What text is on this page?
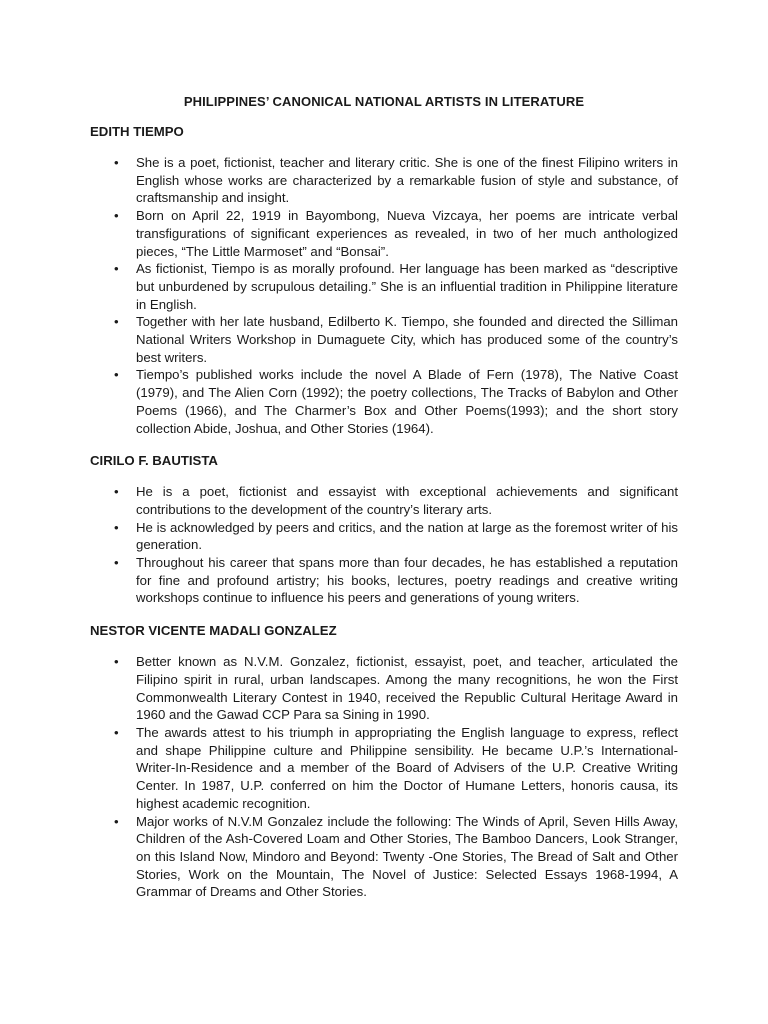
PHILIPPINES’ CANONICAL NATIONAL ARTISTS IN LITERATURE
EDITH TIEMPO
• She is a poet, fictionist, teacher and literary critic. She is one of the finest Filipino writers in English whose works are characterized by a remarkable fusion of style and substance, of craftsmanship and insight.
• Born on April 22, 1919 in Bayombong, Nueva Vizcaya, her poems are intricate verbal transfigurations of significant experiences as revealed, in two of her much anthologized pieces, “The Little Marmoset” and “Bonsai”.
• As fictionist, Tiempo is as morally profound. Her language has been marked as “descriptive but unburdened by scrupulous detailing.” She is an influential tradition in Philippine literature in English.
• Together with her late husband, Edilberto K. Tiempo, she founded and directed the Silliman National Writers Workshop in Dumaguete City, which has produced some of the country’s best writers.
• Tiempo’s published works include the novel A Blade of Fern (1978), The Native Coast (1979), and The Alien Corn (1992); the poetry collections, The Tracks of Babylon and Other Poems (1966), and The Charmer’s Box and Other Poems(1993); and the short story collection Abide, Joshua, and Other Stories (1964).
CIRILO F. BAUTISTA
• He is a poet, fictionist and essayist with exceptional achievements and significant contributions to the development of the country’s literary arts.
• He is acknowledged by peers and critics, and the nation at large as the foremost writer of his generation.
• Throughout his career that spans more than four decades, he has established a reputation for fine and profound artistry; his books, lectures, poetry readings and creative writing workshops continue to influence his peers and generations of young writers.
NESTOR VICENTE MADALI GONZALEZ
• Better known as N.V.M. Gonzalez, fictionist, essayist, poet, and teacher, articulated the Filipino spirit in rural, urban landscapes. Among the many recognitions, he won the First Commonwealth Literary Contest in 1940, received the Republic Cultural Heritage Award in 1960 and the Gawad CCP Para sa Sining in 1990.
• The awards attest to his triumph in appropriating the English language to express, reflect and shape Philippine culture and Philippine sensibility. He became U.P.’s International-Writer-In-Residence and a member of the Board of Advisers of the U.P. Creative Writing Center. In 1987, U.P. conferred on him the Doctor of Humane Letters, honoris causa, its highest academic recognition.
• Major works of N.V.M Gonzalez include the following: The Winds of April, Seven Hills Away, Children of the Ash-Covered Loam and Other Stories, The Bamboo Dancers, Look Stranger, on this Island Now, Mindoro and Beyond: Twenty -One Stories, The Bread of Salt and Other Stories, Work on the Mountain, The Novel of Justice: Selected Essays 1968-1994, A Grammar of Dreams and Other Stories.
